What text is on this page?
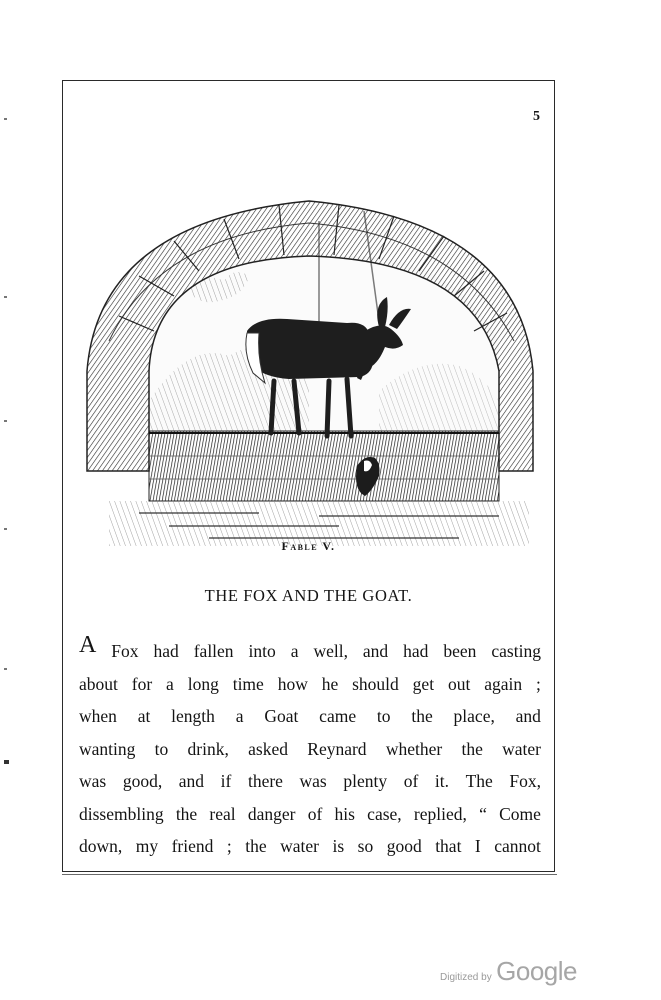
5
Fable V.
THE FOX AND THE GOAT.
A Fox had fallen into a well, and had been casting
about for a long time how he should get out again ;
when at length a Goat came to the place, and
wanting to drink, asked Reynard whether the water
was good, and if there was plenty of it. The Fox,
dissembling the real danger of his case, replied, “ Come
down, my friend ; the water is so good that I cannot
Digitized by Google
